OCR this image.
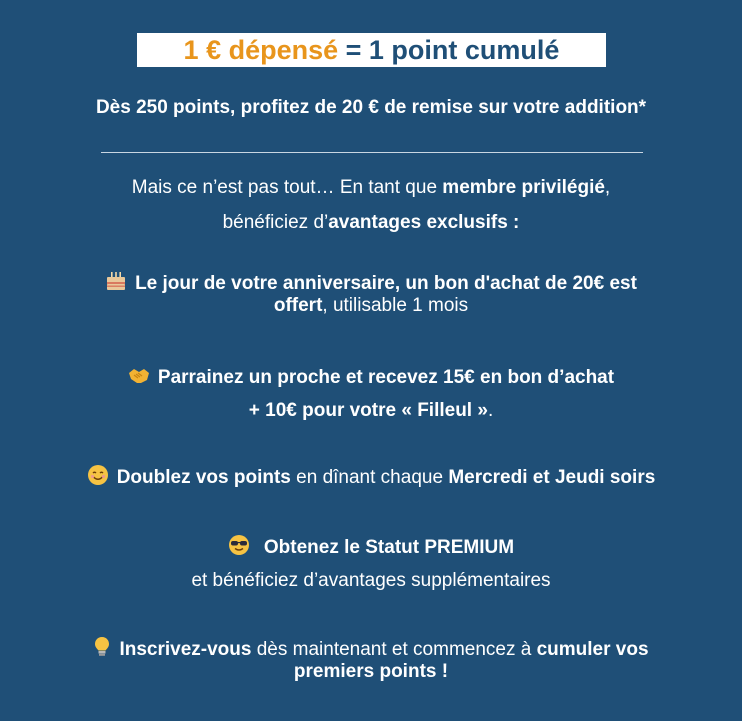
1 € dépensé = 1 point cumulé
Dès 250 points, profitez de 20 € de remise sur votre addition*
Mais ce n’est pas tout… En tant que membre privilégié,
bénéficiez d’avantages exclusifs :
Le jour de votre anniversaire, un bon d'achat de 20€ est
offert, utilisable 1 mois
Parrainez un proche et recevez 15€ en bon d’achat
+ 10€ pour votre « Filleul ».
Doublez vos points en dînant chaque Mercredi et Jeudi soirs
Obtenez le Statut PREMIUM
et bénéficiez d’avantages supplémentaires
Inscrivez-vous dès maintenant et commencez à cumuler vos
premiers points !
